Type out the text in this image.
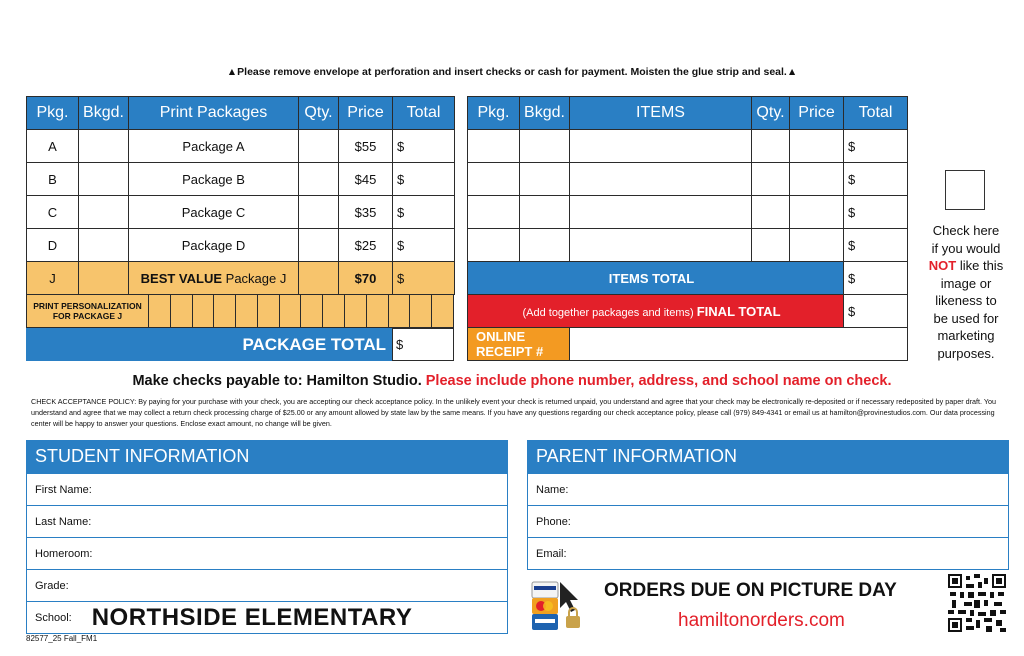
▲Please remove envelope at perforation and insert checks or cash for payment. Moisten the glue strip and seal.▲
Pkg.	Bkgd.	Print Packages	Qty.	Price	Total
A		Package A		$55	$
B		Package B		$45	$
C		Package C		$35	$
D		Package D		$25	$
J		BEST VALUE Package J		$70	$
PRINT PERSONALIZATION FOR PACKAGE J
PACKAGE TOTAL $
Pkg.	Bkgd.	ITEMS	Qty.	Price	Total
					$
					$
					$
					$
ITEMS TOTAL					$
(Add together packages and items) FINAL TOTAL					$
ONLINE RECEIPT #					
Check here
if you would
NOT like this
image or
likeness to
be used for
marketing
purposes.
Make checks payable to: Hamilton Studio. Please include phone number, address, and school name on check.
CHECK ACCEPTANCE POLICY: By paying for your purchase with your check, you are accepting our check acceptance policy. In the unlikely event your check is returned unpaid, you understand and agree that your check may be electronically re-deposited or if necessary redeposited by paper draft. You understand and agree that we may collect a return check processing charge of $25.00 or any amount allowed by state law by the same means. If you have any questions regarding our check acceptance policy, please call (979) 849-4341 or email us at hamilton@provinestudios.com. Our data processing center will be happy to answer your questions. Enclose exact amount, no change will be given.
STUDENT INFORMATION
First Name:
Last Name:
Homeroom:
Grade:
School: NORTHSIDE ELEMENTARY
PARENT INFORMATION
Name:
Phone:
Email:
82577_25 Fall_FM1
ORDERS DUE ON PICTURE DAY
hamiltonorders.com
